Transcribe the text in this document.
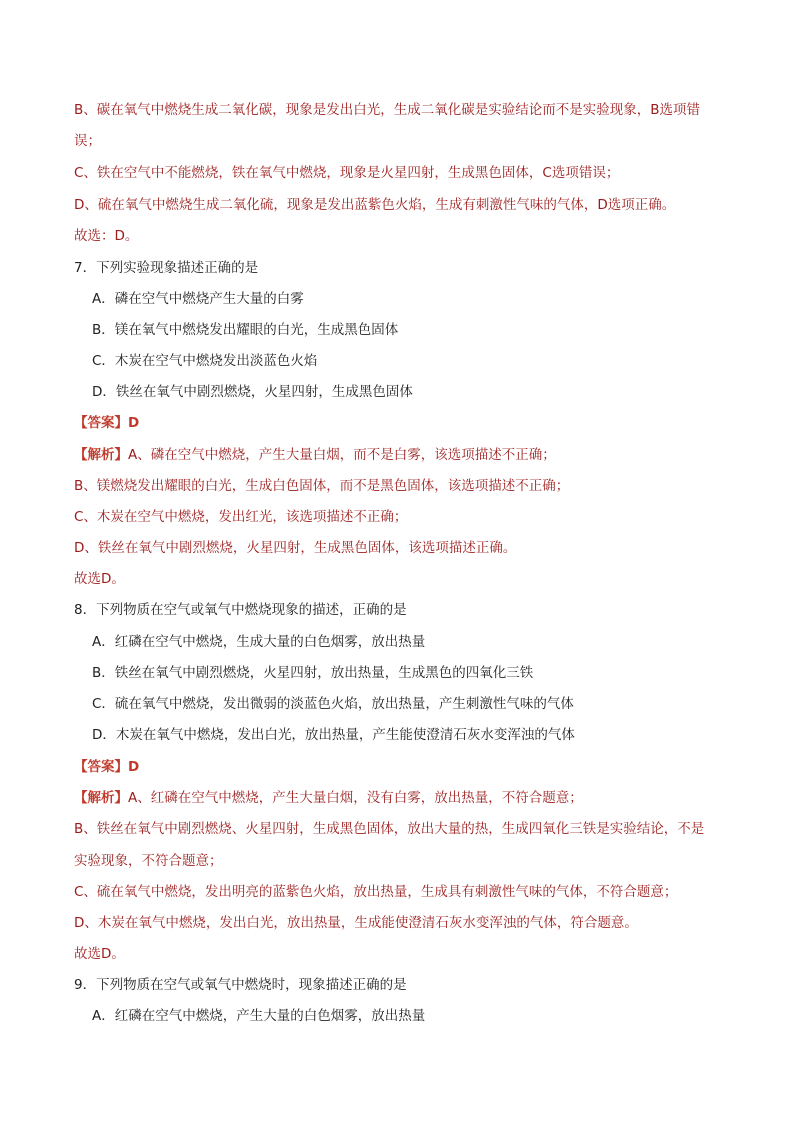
B、碳在氧气中燃烧生成二氧化碳，现象是发出白光，生成二氧化碳是实验结论而不是实验现象，B选项错
误；
C、铁在空气中不能燃烧，铁在氧气中燃烧，现象是火星四射，生成黑色固体，C选项错误；
D、硫在氧气中燃烧生成二氧化硫，现象是发出蓝紫色火焰，生成有刺激性气味的气体，D选项正确。
故选：D。
7．下列实验现象描述正确的是
A．磷在空气中燃烧产生大量的白雾
B．镁在氧气中燃烧发出耀眼的白光，生成黑色固体
C．木炭在空气中燃烧发出淡蓝色火焰
D．铁丝在氧气中剧烈燃烧，火星四射，生成黑色固体
【答案】D
【解析】A、磷在空气中燃烧，产生大量白烟，而不是白雾，该选项描述不正确；
B、镁燃烧发出耀眼的白光，生成白色固体，而不是黑色固体，该选项描述不正确；
C、木炭在空气中燃烧，发出红光，该选项描述不正确；
D、铁丝在氧气中剧烈燃烧，火星四射，生成黑色固体，该选项描述正确。
故选D。
8．下列物质在空气或氧气中燃烧现象的描述，正确的是
A．红磷在空气中燃烧，生成大量的白色烟雾，放出热量
B．铁丝在氧气中剧烈燃烧，火星四射，放出热量，生成黑色的四氧化三铁
C．硫在氧气中燃烧，发出微弱的淡蓝色火焰，放出热量，产生刺激性气味的气体
D．木炭在氧气中燃烧，发出白光，放出热量，产生能使澄清石灰水变浑浊的气体
【答案】D
【解析】A、红磷在空气中燃烧，产生大量白烟，没有白雾，放出热量，不符合题意；
B、铁丝在氧气中剧烈燃烧、火星四射，生成黑色固体，放出大量的热，生成四氧化三铁是实验结论，不是
实验现象，不符合题意；
C、硫在氧气中燃烧，发出明亮的蓝紫色火焰，放出热量，生成具有刺激性气味的气体，不符合题意；
D、木炭在氧气中燃烧，发出白光，放出热量，生成能使澄清石灰水变浑浊的气体，符合题意。
故选D。
9．下列物质在空气或氧气中燃烧时，现象描述正确的是
A．红磷在空气中燃烧，产生大量的白色烟雾，放出热量
